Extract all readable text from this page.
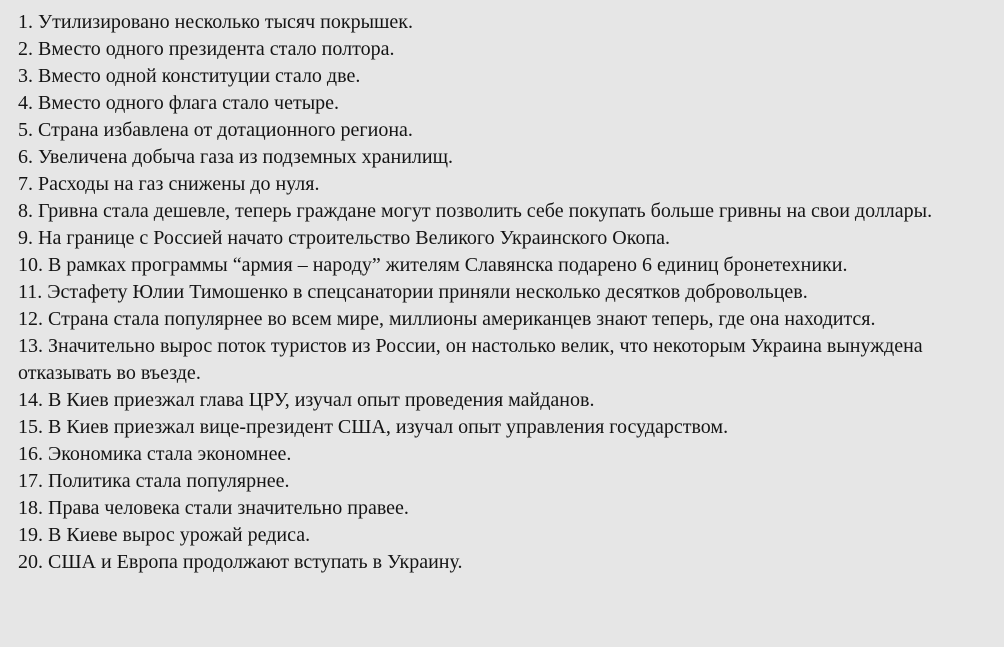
1. Утилизировано несколько тысяч покрышек.

2. Вместо одного президента стало полтора.

3. Вместо одной конституции стало две.

4. Вместо одного флага стало четыре.

5. Страна избавлена от дотационного региона.

6. Увеличена добыча газа из подземных хранилищ.

7. Расходы на газ снижены до нуля.

8. Гривна стала дешевле, теперь граждане могут позволить себе покупать больше гривны на свои доллары.

9. На границе с Россией начато строительство Великого Украинского Окопа.

10. В рамках программы “армия – народу” жителям Славянска подарено 6 единиц бронетехники.

11. Эстафету Юлии Тимошенко в спецсанатории приняли несколько десятков добровольцев.

12. Страна стала популярнее во всем мире, миллионы американцев знают теперь, где она находится.

13. Значительно вырос поток туристов из России, он настолько велик, что некоторым Украина вынуждена отказывать во въезде.

14. В Киев приезжал глава ЦРУ, изучал опыт проведения майданов.

15. В Киев приезжал вице-президент США, изучал опыт управления государством.

16. Экономика стала экономнее.

17. Политика стала популярнее.

18. Права человека стали значительно правее.

19. В Киеве вырос урожай редиса.

20. США и Европа продолжают вступать в Украину.
